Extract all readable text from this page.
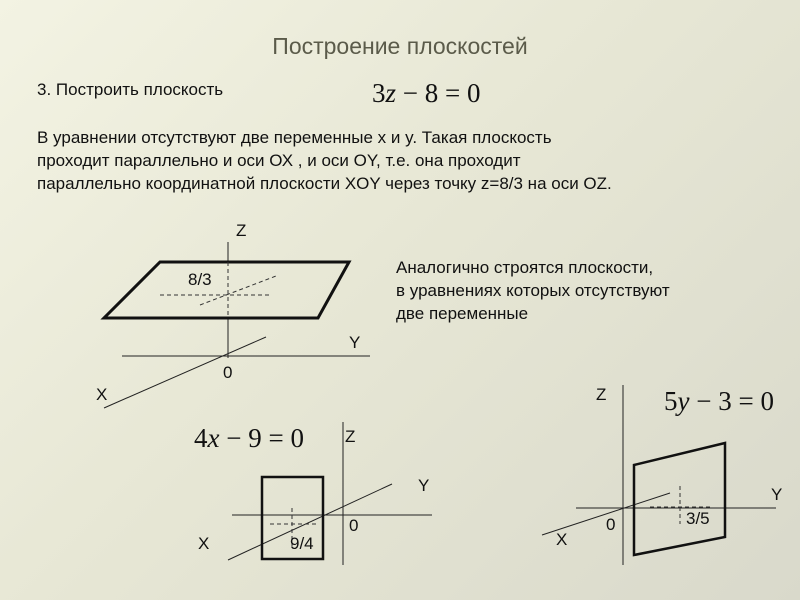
Построение плоскостей
3. Построить плоскость	3z − 8 = 0
В уравнении отсутствуют две переменные x и y. Такая плоскость
проходит параллельно и оси ОХ , и оси OY, т.е. она проходит
параллельно координатной плоскости XOY через точку z=8/3 на оси OZ.
Аналогично строятся плоскости,
в уравнениях которых отсутствуют
две переменные
4x − 9 = 0
5y − 3 = 0
Z
Y
X
0
8/3
Z
Y
X
0
9/4
Z
Y
X
0	3/5
